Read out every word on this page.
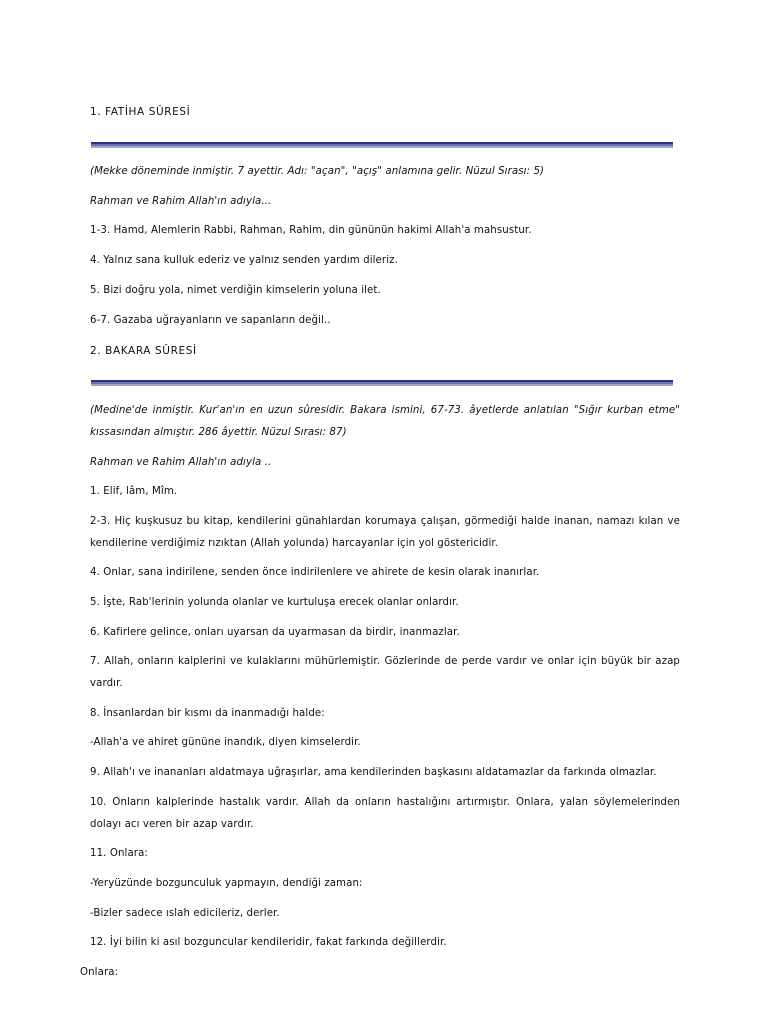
1. FATİHA SÛRESİ
(Mekke döneminde inmiştir. 7 ayettir. Adı: "açan", "açış" anlamına gelir. Nüzul Sırası: 5)
Rahman ve Rahim Allah'ın adıyla...
1-3. Hamd, Alemlerin Rabbi, Rahman, Rahim, din gününün hakimi Allah'a mahsustur.
4. Yalnız sana kulluk ederiz ve yalnız senden yardım dileriz.
5. Bizi doğru yola, nimet verdiğin kimselerin yoluna ilet.
6-7. Gazaba uğrayanların ve sapanların değil..
2. BAKARA SÛRESİ
(Medine'de inmiştir. Kur'an'ın en uzun sûresidir. Bakara ismini, 67-73. âyetlerde anlatılan "Sığır kurban etme" kıssasından almıştır. 286 âyettir. Nüzul Sırası: 87)
Rahman ve Rahim Allah'ın adıyla ..
1. Elif, lâm, Mîm.
2-3. Hiç kuşkusuz bu kitap, kendilerini günahlardan korumaya çalışan, görmediği halde inanan, namazı kılan ve kendilerine verdiğimiz rızıktan (Allah yolunda) harcayanlar için yol göstericidir.
4. Onlar, sana indirilene, senden önce indirilenlere ve ahirete de kesin olarak inanırlar.
5. İşte, Rab'lerinin yolunda olanlar ve kurtuluşa erecek olanlar onlardır.
6. Kafirlere gelince, onları uyarsan da uyarmasan da birdir, inanmazlar.
7. Allah, onların kalplerini ve kulaklarını mühürlemiştir. Gözlerinde de perde vardır ve onlar için büyük bir azap vardır.
8. İnsanlardan bir kısmı da inanmadığı halde:
-Allah'a ve ahiret gününe inandık, diyen kimselerdir.
9. Allah'ı ve inananları aldatmaya uğraşırlar, ama kendilerinden başkasını aldatamazlar da farkında olmazlar.
10. Onların kalplerinde hastalık vardır. Allah da onların hastalığını artırmıştır. Onlara, yalan söylemelerinden dolayı acı veren bir azap vardır.
11. Onlara:
-Yeryüzünde bozgunculuk yapmayın, dendiği zaman:
-Bizler sadece ıslah edicileriz, derler.
12. İyi bilin ki asıl bozguncular kendileridir, fakat farkında değillerdir.
Onlara:
